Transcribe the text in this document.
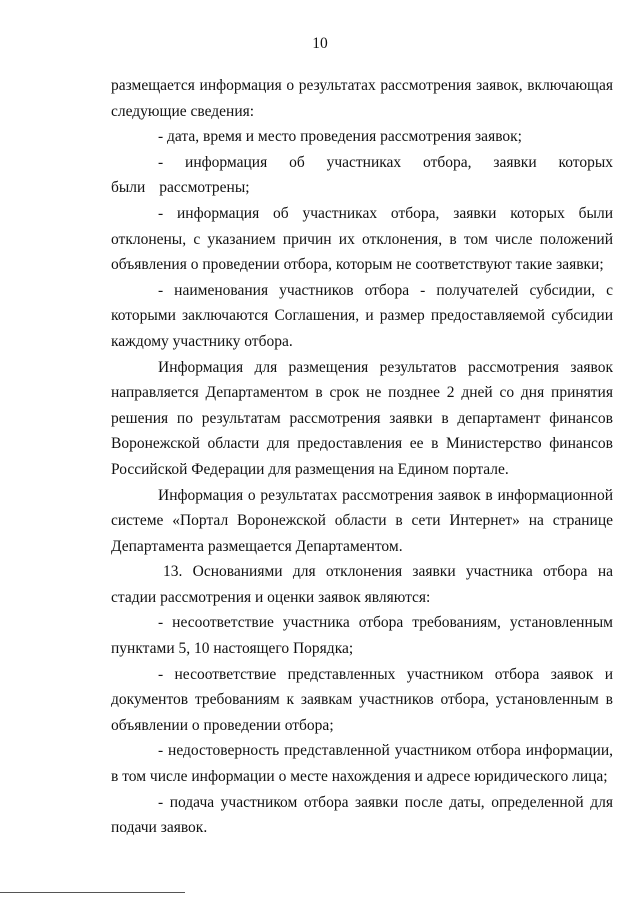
10

размещается информация о результатах рассмотрения заявок, включающая следующие сведения:

- дата, время и место проведения рассмотрения заявок;

- информация об участниках отбора, заявки которых были рассмотрены;

- информация об участниках отбора, заявки которых были отклонены, с указанием причин их отклонения, в том числе положений объявления о проведении отбора, которым не соответствуют такие заявки;

- наименования участников отбора - получателей субсидии, с которыми заключаются Соглашения, и размер предоставляемой субсидии каждому участнику отбора.

Информация для размещения результатов рассмотрения заявок направляется Департаментом в срок не позднее 2 дней со дня принятия решения по результатам рассмотрения заявки в департамент финансов Воронежской области для предоставления ее в Министерство финансов Российской Федерации для размещения на Едином портале.

Информация о результатах рассмотрения заявок в информационной системе «Портал Воронежской области в сети Интернет» на странице Департамента размещается Департаментом.

13. Основаниями для отклонения заявки участника отбора на стадии рассмотрения и оценки заявок являются:

- несоответствие участника отбора требованиям, установленным пунктами 5, 10 настоящего Порядка;

- несоответствие представленных участником отбора заявок и документов требованиям к заявкам участников отбора, установленным в объявлении о проведении отбора;

- недостоверность представленной участником отбора информации, в том числе информации о месте нахождения и адресе юридического лица;

- подача участником отбора заявки после даты, определенной для подачи заявок.
